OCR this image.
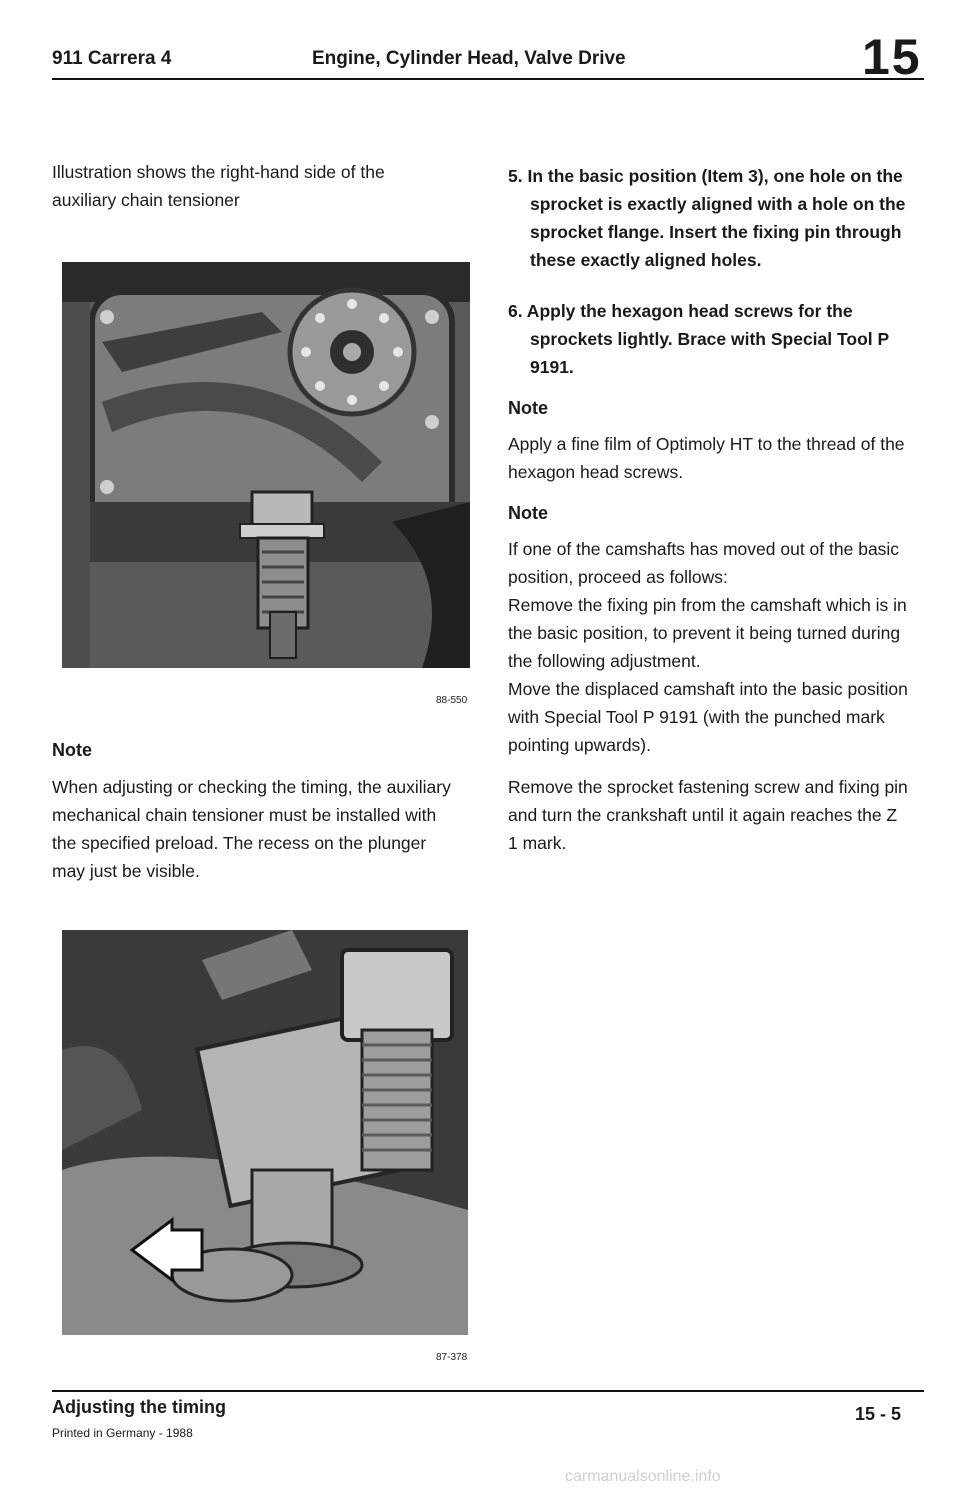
911 Carrera 4	Engine, Cylinder Head, Valve Drive	15

Illustration shows the right-hand side of the auxiliary chain tensioner

88-550
Note

When adjusting or checking the timing, the auxiliary mechanical chain tensioner must be installed with the specified preload. The recess on the plunger may just be visible.

87-378

5. In the basic position (Item 3), one hole on the sprocket is exactly aligned with a hole on the sprocket flange. Insert the fixing pin through these exactly aligned holes.

6. Apply the hexagon head screws for the sprockets lightly. Brace with Special Tool P 9191.

Note

Apply a fine film of Optimoly HT to the thread of the hexagon head screws.

Note

If one of the camshafts has moved out of the basic position, proceed as follows:

Remove the fixing pin from the camshaft which is in the basic position, to prevent it being turned during the following adjustment.

Move the displaced camshaft into the basic position with Special Tool P 9191 (with the punched mark pointing upwards).

Remove the sprocket fastening screw and fixing pin and turn the crankshaft until it again reaches the Z 1 mark.

Adjusting the timing
Printed in Germany - 1988
15 - 5
carmanualsonline.info
